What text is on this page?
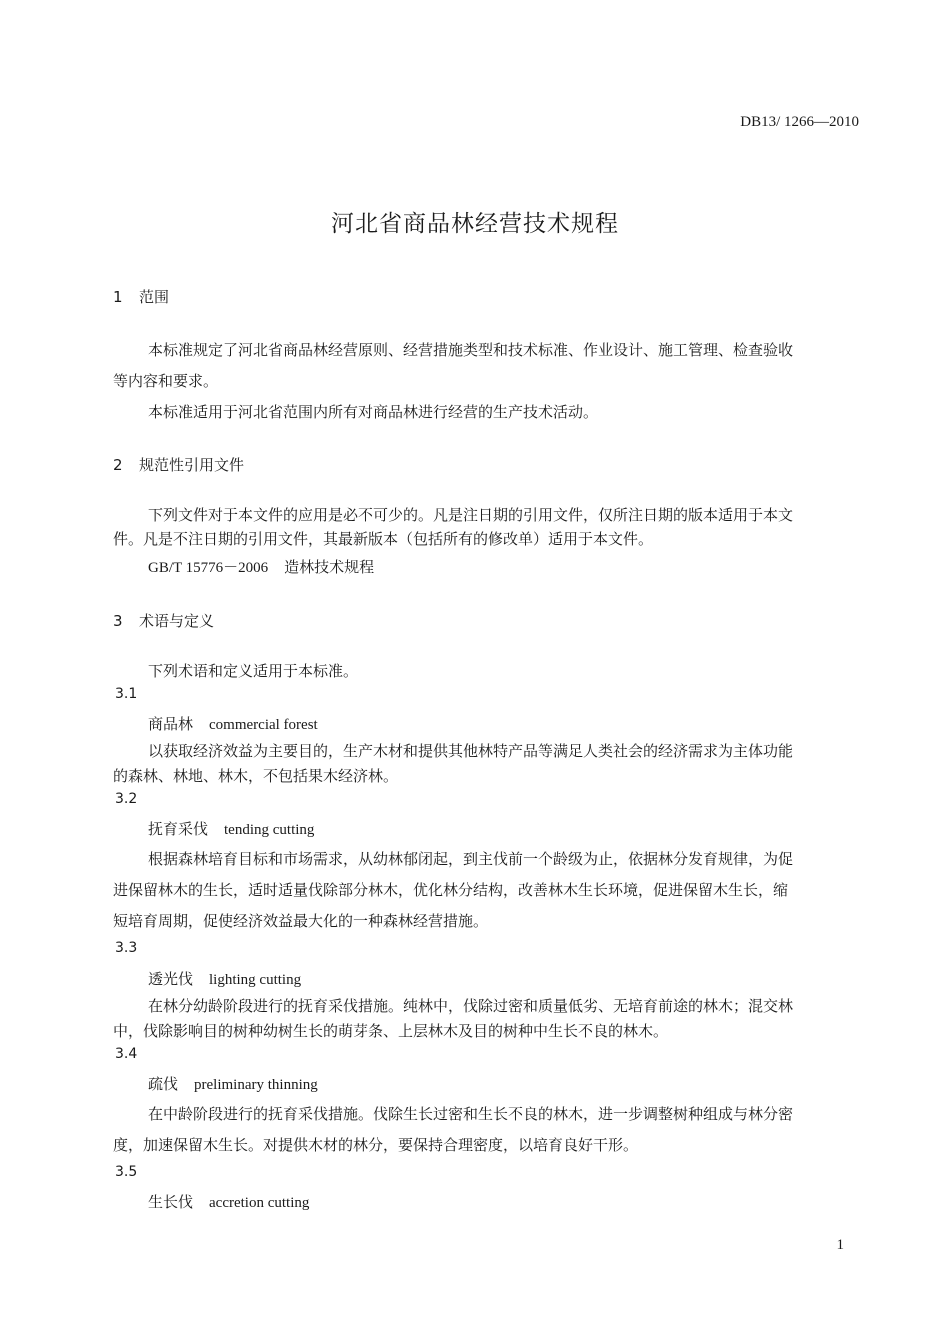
DB13/ 1266—2010
河北省商品林经营技术规程
1 范围
本标准规定了河北省商品林经营原则、经营措施类型和技术标准、作业设计、施工管理、检查验收
等内容和要求。
本标准适用于河北省范围内所有对商品林进行经营的生产技术活动。
2 规范性引用文件
下列文件对于本文件的应用是必不可少的。凡是注日期的引用文件，仅所注日期的版本适用于本文
件。凡是不注日期的引用文件，其最新版本（包括所有的修改单）适用于本文件。
GB/T 15776－2006 造林技术规程
3 术语与定义
下列术语和定义适用于本标准。
3.1
商品林 commercial forest
以获取经济效益为主要目的，生产木材和提供其他林特产品等满足人类社会的经济需求为主体功能
的森林、林地、林木，不包括果木经济林。
3.2
抚育采伐 tending cutting
根据森林培育目标和市场需求，从幼林郁闭起，到主伐前一个龄级为止，依据林分发育规律，为促
进保留林木的生长，适时适量伐除部分林木，优化林分结构，改善林木生长环境，促进保留木生长，缩
短培育周期，促使经济效益最大化的一种森林经营措施。
3.3
透光伐 lighting cutting
在林分幼龄阶段进行的抚育采伐措施。纯林中，伐除过密和质量低劣、无培育前途的林木；混交林
中，伐除影响目的树种幼树生长的萌芽条、上层林木及目的树种中生长不良的林木。
3.4
疏伐 preliminary thinning
在中龄阶段进行的抚育采伐措施。伐除生长过密和生长不良的林木，进一步调整树种组成与林分密
度，加速保留木生长。对提供木材的林分，要保持合理密度，以培育良好干形。
3.5
生长伐 accretion cutting
1
